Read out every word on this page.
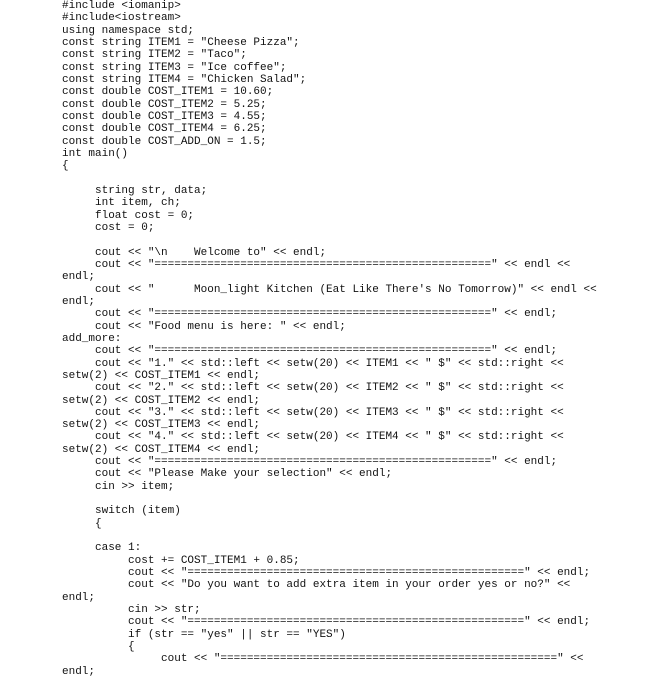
#include <iomanip>
#include<iostream>
using namespace std;
const string ITEM1 = "Cheese Pizza";
const string ITEM2 = "Taco";
const string ITEM3 = "Ice coffee";
const string ITEM4 = "Chicken Salad";
const double COST_ITEM1 = 10.60;
const double COST_ITEM2 = 5.25;
const double COST_ITEM3 = 4.55;
const double COST_ITEM4 = 6.25;
const double COST_ADD_ON = 1.5;
int main()
{
string str, data;
int item, ch;
float cost = 0;
cost = 0;
cout << "\n    Welcome to" << endl;
cout << "===================================================" << endl <<
endl;
cout << "      Moon_light Kitchen (Eat Like There's No Tomorrow)" << endl <<
endl;
cout << "===================================================" << endl;
cout << "Food menu is here: " << endl;
add_more:
cout << "===================================================" << endl;
cout << "1." << std::left << setw(20) << ITEM1 << " $" << std::right <<
setw(2) << COST_ITEM1 << endl;
cout << "2." << std::left << setw(20) << ITEM2 << " $" << std::right <<
setw(2) << COST_ITEM2 << endl;
cout << "3." << std::left << setw(20) << ITEM3 << " $" << std::right <<
setw(2) << COST_ITEM3 << endl;
cout << "4." << std::left << setw(20) << ITEM4 << " $" << std::right <<
setw(2) << COST_ITEM4 << endl;
cout << "===================================================" << endl;
cout << "Please Make your selection" << endl;
cin >> item;
switch (item)
{
case 1:
cost += COST_ITEM1 + 0.85;
cout << "===================================================" << endl;
cout << "Do you want to add extra item in your order yes or no?" <<
endl;
cin >> str;
cout << "===================================================" << endl;
if (str == "yes" || str == "YES")
{
cout << "===================================================" <<
endl;
